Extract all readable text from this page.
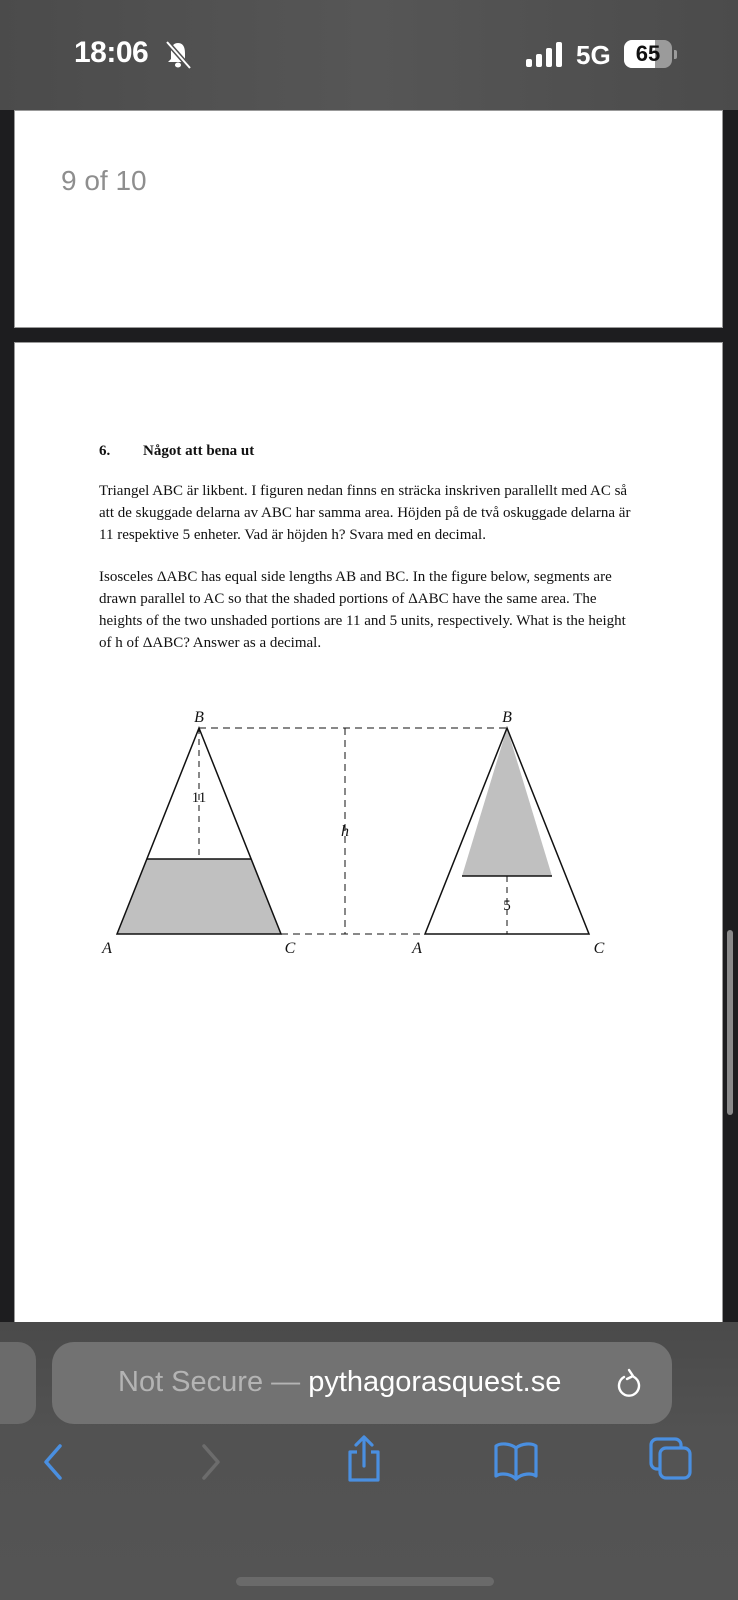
18:06	5G	65
9 of 10
6.	Något att bena ut

Triangel ABC är likbent. I figuren nedan finns en sträcka inskriven parallellt med AC så att de skuggade delarna av ABC har samma area. Höjden på de två oskuggade delarna är 11 respektive 5 enheter. Vad är höjden h? Svara med en decimal.

Isosceles ΔABC has equal side lengths AB and BC. In the figure below, segments are drawn parallel to AC so that the shaded portions of ΔABC have the same area. The heights of the two unshaded portions are 11 and 5 units, respectively. What is the height of h of ΔABC? Answer as a decimal.

11
5
h
B
A	C
B
A	C
Not Secure — pythagorasquest.se
